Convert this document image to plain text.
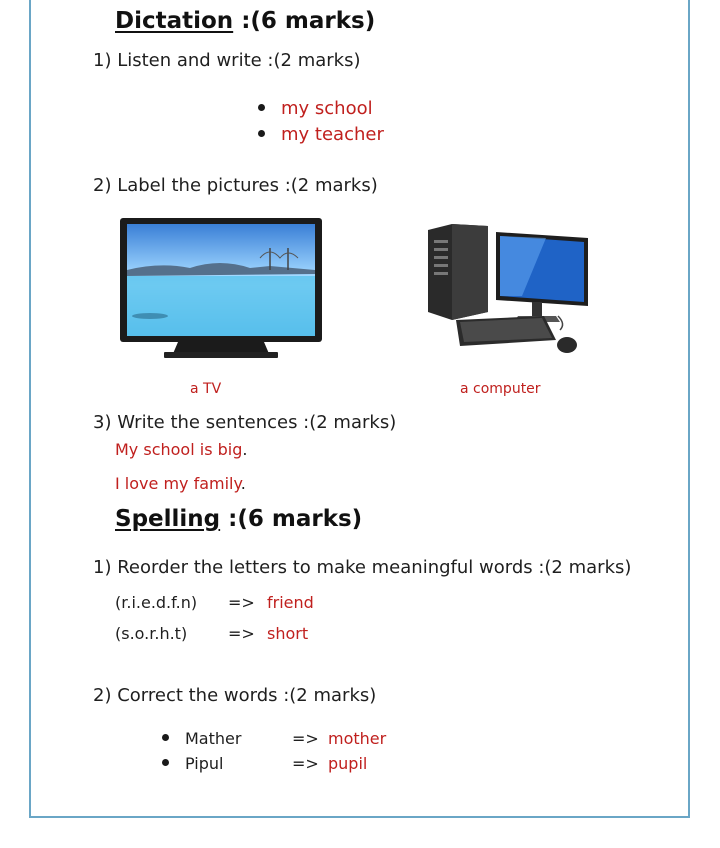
Dictation :(6 marks)
1) Listen and write :(2 marks)
my school
my teacher
2) Label the pictures :(2 marks)
a TV	a computer
3) Write the sentences :(2 marks)
My school is big.
I love my family.
Spelling :(6 marks)
1) Reorder the letters to make meaningful words :(2 marks)
(r.i.e.d.f.n) => friend
(s.o.r.h.t)	=> short
2) Correct the words :(2 marks)
Mather	=> mother
Pipul	=> pupil
